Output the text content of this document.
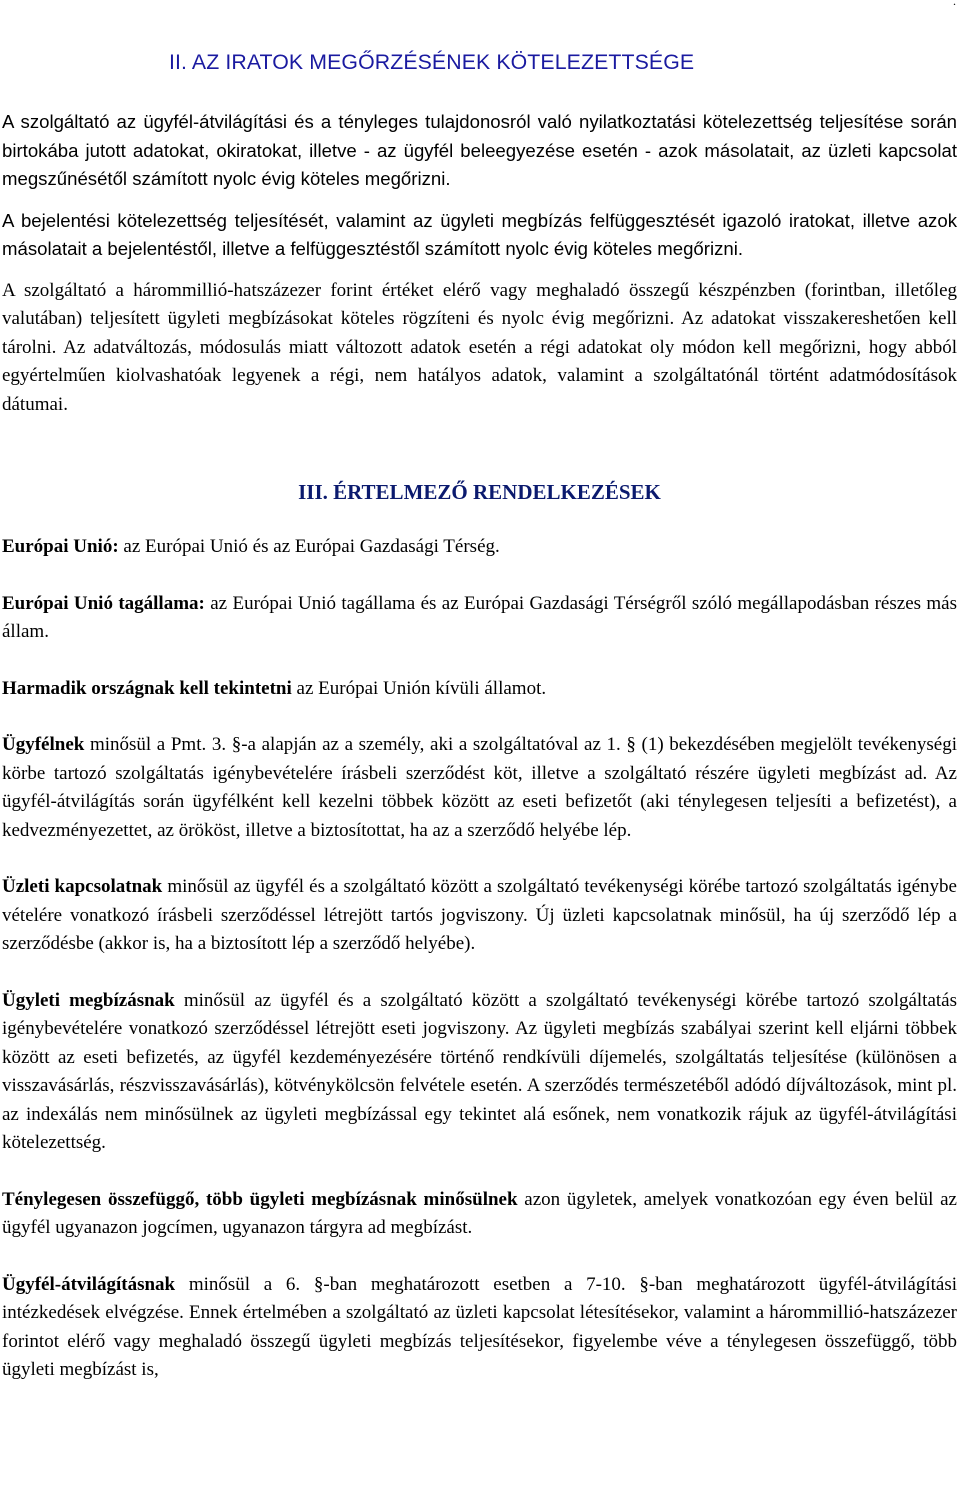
.
II. AZ IRATOK MEGŐRZÉSÉNEK KÖTELEZETTSÉGE

A szolgáltató az ügyfél-átvilágítási és a tényleges tulajdonosról való nyilatkoztatási kötelezettség teljesítése során birtokába jutott adatokat, okiratokat, illetve - az ügyfél beleegyezése esetén - azok másolatait, az üzleti kapcsolat megszűnésétől számított nyolc évig köteles megőrizni.

A bejelentési kötelezettség teljesítését, valamint az ügyleti megbízás felfüggesztését igazoló iratokat, illetve azok másolatait a bejelentéstől, illetve a felfüggesztéstől számított nyolc évig köteles megőrizni.

A szolgáltató a hárommillió-hatszázezer forint értéket elérő vagy meghaladó összegű készpénzben (forintban, illetőleg valutában) teljesített ügyleti megbízásokat köteles rögzíteni és nyolc évig megőrizni. Az adatokat visszakereshetően kell tárolni. Az adatváltozás, módosulás miatt változott adatok esetén a régi adatokat oly módon kell megőrizni, hogy abból egyértelműen kiolvashatóak legyenek a régi, nem hatályos adatok, valamint a szolgáltatónál történt adatmódosítások dátumai.

III. ÉRTELMEZŐ RENDELKEZÉSEK

Európai Unió: az Európai Unió és az Európai Gazdasági Térség.

Európai Unió tagállama: az Európai Unió tagállama és az Európai Gazdasági Térségről szóló megállapodásban részes más állam.

Harmadik országnak kell tekintetni az Európai Unión kívüli államot.

Ügyfélnek minősül a Pmt. 3. §-a alapján az a személy, aki a szolgáltatóval az 1. § (1) bekezdésében megjelölt tevékenységi körbe tartozó szolgáltatás igénybevételére írásbeli szerződést köt, illetve a szolgáltató részére ügyleti megbízást ad. Az ügyfél-átvilágítás során ügyfélként kell kezelni többek között az eseti befizetőt (aki ténylegesen teljesíti a befizetést), a kedvezményezettet, az örököst, illetve a biztosítottat, ha az a szerződő helyébe lép.

Üzleti kapcsolatnak minősül az ügyfél és a szolgáltató között a szolgáltató tevékenységi körébe tartozó szolgáltatás igénybe vételére vonatkozó írásbeli szerződéssel létrejött tartós jogviszony. Új üzleti kapcsolatnak minősül, ha új szerződő lép a szerződésbe (akkor is, ha a biztosított lép a szerződő helyébe).

Ügyleti megbízásnak minősül az ügyfél és a szolgáltató között a szolgáltató tevékenységi körébe tartozó szolgáltatás igénybevételére vonatkozó szerződéssel létrejött eseti jogviszony. Az ügyleti megbízás szabályai szerint kell eljárni többek között az eseti befizetés, az ügyfél kezdeményezésére történő rendkívüli díjemelés, szolgáltatás teljesítése (különösen a visszavásárlás, részvisszavásárlás), kötvénykölcsön felvétele esetén. A szerződés természetéből adódó díjváltozások, mint pl. az indexálás nem minősülnek az ügyleti megbízással egy tekintet alá esőnek, nem vonatkozik rájuk az ügyfél-átvilágítási kötelezettség.

Ténylegesen összefüggő, több ügyleti megbízásnak minősülnek azon ügyletek, amelyek vonatkozóan egy éven belül az ügyfél ugyanazon jogcímen, ugyanazon tárgyra ad megbízást.

Ügyfél-átvilágításnak minősül a 6. §-ban meghatározott esetben a 7-10. §-ban meghatározott ügyfél-átvilágítási intézkedések elvégzése. Ennek értelmében a szolgáltató az üzleti kapcsolat létesítésekor, valamint a hárommillió-hatszázezer forintot elérő vagy meghaladó összegű ügyleti megbízás teljesítésekor, figyelembe véve a ténylegesen összefüggő, több ügyleti megbízást is,
